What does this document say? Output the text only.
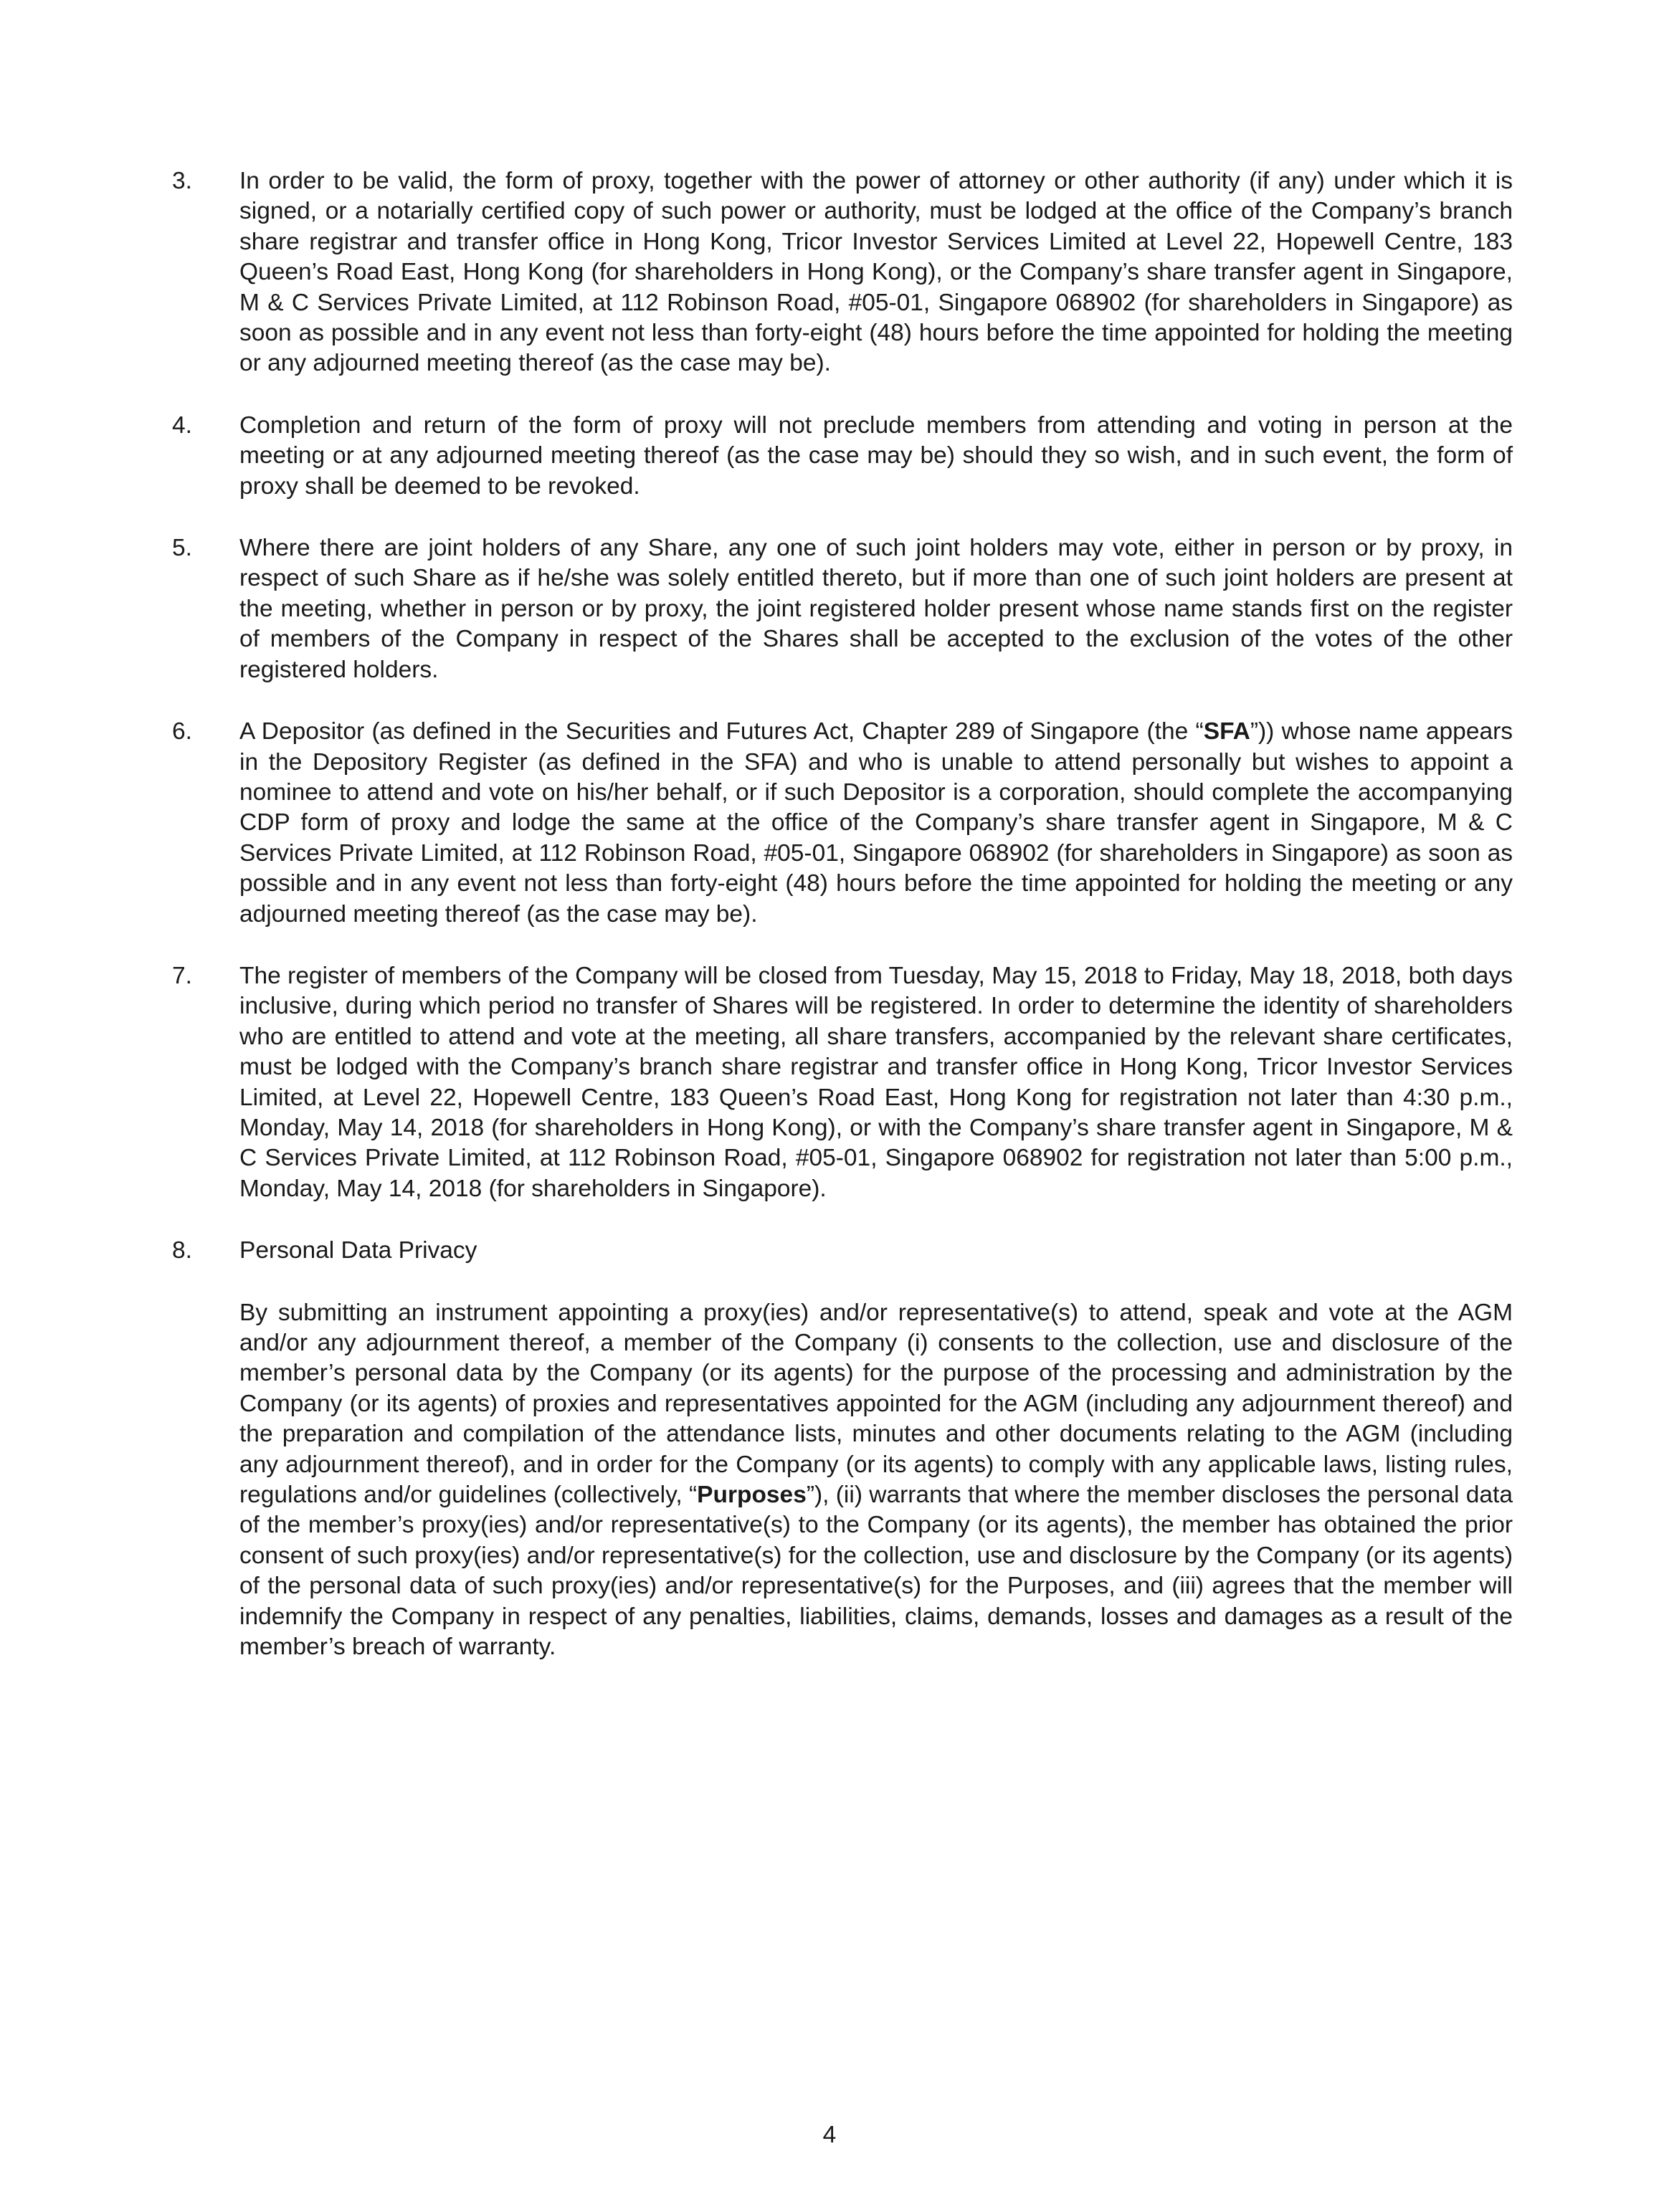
3. In order to be valid, the form of proxy, together with the power of attorney or other authority (if any) under which it is signed, or a notarially certified copy of such power or authority, must be lodged at the office of the Company’s branch share registrar and transfer office in Hong Kong, Tricor Investor Services Limited at Level 22, Hopewell Centre, 183 Queen’s Road East, Hong Kong (for shareholders in Hong Kong), or the Company’s share transfer agent in Singapore, M & C Services Private Limited, at 112 Robinson Road, #05-01, Singapore 068902 (for shareholders in Singapore) as soon as possible and in any event not less than forty-eight (48) hours before the time appointed for holding the meeting or any adjourned meeting thereof (as the case may be).
4. Completion and return of the form of proxy will not preclude members from attending and voting in person at the meeting or at any adjourned meeting thereof (as the case may be) should they so wish, and in such event, the form of proxy shall be deemed to be revoked.
5. Where there are joint holders of any Share, any one of such joint holders may vote, either in person or by proxy, in respect of such Share as if he/she was solely entitled thereto, but if more than one of such joint holders are present at the meeting, whether in person or by proxy, the joint registered holder present whose name stands first on the register of members of the Company in respect of the Shares shall be accepted to the exclusion of the votes of the other registered holders.
6. A Depositor (as defined in the Securities and Futures Act, Chapter 289 of Singapore (the “SFA”)) whose name appears in the Depository Register (as defined in the SFA) and who is unable to attend personally but wishes to appoint a nominee to attend and vote on his/her behalf, or if such Depositor is a corporation, should complete the accompanying CDP form of proxy and lodge the same at the office of the Company’s share transfer agent in Singapore, M & C Services Private Limited, at 112 Robinson Road, #05-01, Singapore 068902 (for shareholders in Singapore) as soon as possible and in any event not less than forty-eight (48) hours before the time appointed for holding the meeting or any adjourned meeting thereof (as the case may be).
7. The register of members of the Company will be closed from Tuesday, May 15, 2018 to Friday, May 18, 2018, both days inclusive, during which period no transfer of Shares will be registered. In order to determine the identity of shareholders who are entitled to attend and vote at the meeting, all share transfers, accompanied by the relevant share certificates, must be lodged with the Company’s branch share registrar and transfer office in Hong Kong, Tricor Investor Services Limited, at Level 22, Hopewell Centre, 183 Queen’s Road East, Hong Kong for registration not later than 4:30 p.m., Monday, May 14, 2018 (for shareholders in Hong Kong), or with the Company’s share transfer agent in Singapore, M & C Services Private Limited, at 112 Robinson Road, #05-01, Singapore 068902 for registration not later than 5:00 p.m., Monday, May 14, 2018 (for shareholders in Singapore).
8. Personal Data Privacy

By submitting an instrument appointing a proxy(ies) and/or representative(s) to attend, speak and vote at the AGM and/or any adjournment thereof, a member of the Company (i) consents to the collection, use and disclosure of the member’s personal data by the Company (or its agents) for the purpose of the processing and administration by the Company (or its agents) of proxies and representatives appointed for the AGM (including any adjournment thereof) and the preparation and compilation of the attendance lists, minutes and other documents relating to the AGM (including any adjournment thereof), and in order for the Company (or its agents) to comply with any applicable laws, listing rules, regulations and/or guidelines (collectively, “Purposes”), (ii) warrants that where the member discloses the personal data of the member’s proxy(ies) and/or representative(s) to the Company (or its agents), the member has obtained the prior consent of such proxy(ies) and/or representative(s) for the collection, use and disclosure by the Company (or its agents) of the personal data of such proxy(ies) and/or representative(s) for the Purposes, and (iii) agrees that the member will indemnify the Company in respect of any penalties, liabilities, claims, demands, losses and damages as a result of the member’s breach of warranty.

4
